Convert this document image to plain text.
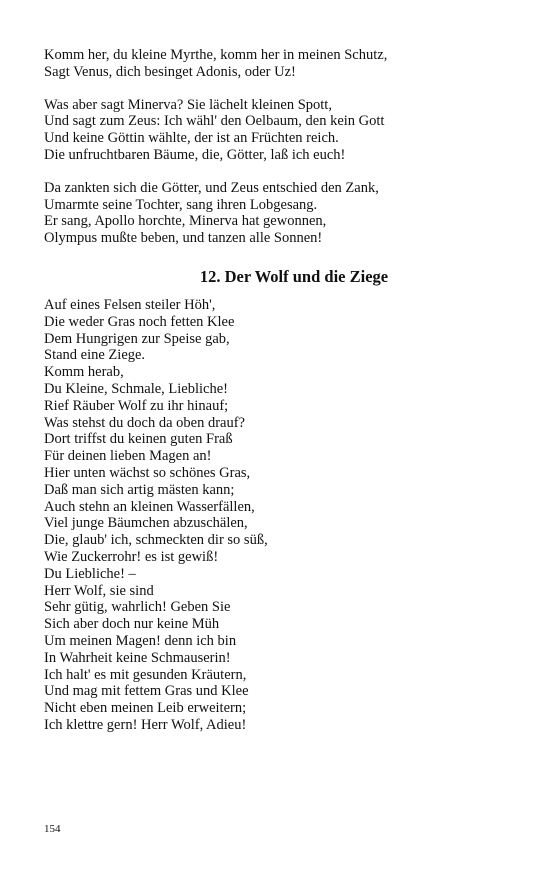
Komm her, du kleine Myrthe, komm her in meinen Schutz,
Sagt Venus, dich besinget Adonis, oder Uz!
Was aber sagt Minerva? Sie lächelt kleinen Spott,
Und sagt zum Zeus: Ich wähl' den Oelbaum, den kein Gott
Und keine Göttin wählte, der ist an Früchten reich.
Die unfruchtbaren Bäume, die, Götter, laß ich euch!
Da zankten sich die Götter, und Zeus entschied den Zank,
Umarmte seine Tochter, sang ihren Lobgesang.
Er sang, Apollo horchte, Minerva hat gewonnen,
Olympus mußte beben, und tanzen alle Sonnen!
12. Der Wolf und die Ziege
Auf eines Felsen steiler Höh',
Die weder Gras noch fetten Klee
Dem Hungrigen zur Speise gab,
Stand eine Ziege.
Komm herab,
Du Kleine, Schmale, Liebliche!
Rief Räuber Wolf zu ihr hinauf;
Was stehst du doch da oben drauf?
Dort triffst du keinen guten Fraß
Für deinen lieben Magen an!
Hier unten wächst so schönes Gras,
Daß man sich artig mästen kann;
Auch stehn an kleinen Wasserfällen,
Viel junge Bäumchen abzuschälen,
Die, glaub' ich, schmeckten dir so süß,
Wie Zuckerrohr! es ist gewiß!
Du Liebliche! –
Herr Wolf, sie sind
Sehr gütig, wahrlich! Geben Sie
Sich aber doch nur keine Müh
Um meinen Magen! denn ich bin
In Wahrheit keine Schmauserin!
Ich halt' es mit gesunden Kräutern,
Und mag mit fettem Gras und Klee
Nicht eben meinen Leib erweitern;
Ich klettre gern! Herr Wolf, Adieu!
154
